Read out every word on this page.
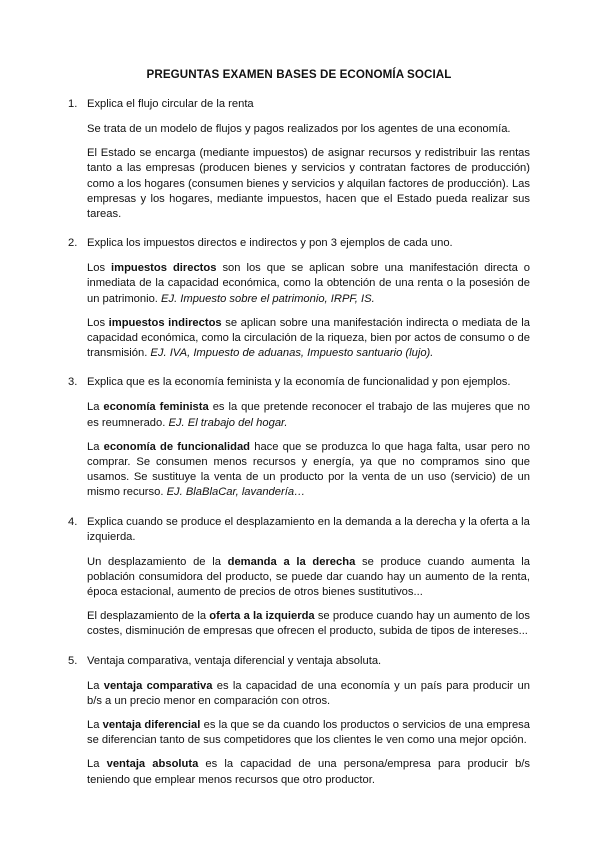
PREGUNTAS EXAMEN BASES DE ECONOMÍA SOCIAL
1. Explica el flujo circular de la renta

Se trata de un modelo de flujos y pagos realizados por los agentes de una economía.

El Estado se encarga (mediante impuestos) de asignar recursos y redistribuir las rentas tanto a las empresas (producen bienes y servicios y contratan factores de producción) como a los hogares (consumen bienes y servicios y alquilan factores de producción). Las empresas y los hogares, mediante impuestos, hacen que el Estado pueda realizar sus tareas.

2. Explica los impuestos directos e indirectos y pon 3 ejemplos de cada uno.

Los impuestos directos son los que se aplican sobre una manifestación directa o inmediata de la capacidad económica, como la obtención de una renta o la posesión de un patrimonio. EJ. Impuesto sobre el patrimonio, IRPF, IS.

Los impuestos indirectos se aplican sobre una manifestación indirecta o mediata de la capacidad económica, como la circulación de la riqueza, bien por actos de consumo o de transmisión. EJ. IVA, Impuesto de aduanas, Impuesto santuario (lujo).

3. Explica que es la economía feminista y la economía de funcionalidad y pon ejemplos.

La economía feminista es la que pretende reconocer el trabajo de las mujeres que no es reumnerado. EJ. El trabajo del hogar.

La economía de funcionalidad hace que se produzca lo que haga falta, usar pero no comprar. Se consumen menos recursos y energía, ya que no compramos sino que usamos. Se sustituye la venta de un producto por la venta de un uso (servicio) de un mismo recurso. EJ. BlaBlaCar, lavandería…

4. Explica cuando se produce el desplazamiento en la demanda a la derecha y la oferta a la izquierda.

Un desplazamiento de la demanda a la derecha se produce cuando aumenta la población consumidora del producto, se puede dar cuando hay un aumento de la renta, época estacional, aumento de precios de otros bienes sustitutivos...

El desplazamiento de la oferta a la izquierda se produce cuando hay un aumento de los costes, disminución de empresas que ofrecen el producto, subida de tipos de intereses...

5. Ventaja comparativa, ventaja diferencial y ventaja absoluta.

La ventaja comparativa es la capacidad de una economía y un país para producir un b/s a un precio menor en comparación con otros.

La ventaja diferencial es la que se da cuando los productos o servicios de una empresa se diferencian tanto de sus competidores que los clientes le ven como una mejor opción.

La ventaja absoluta es la capacidad de una persona/empresa para producir b/s teniendo que emplear menos recursos que otro productor.
